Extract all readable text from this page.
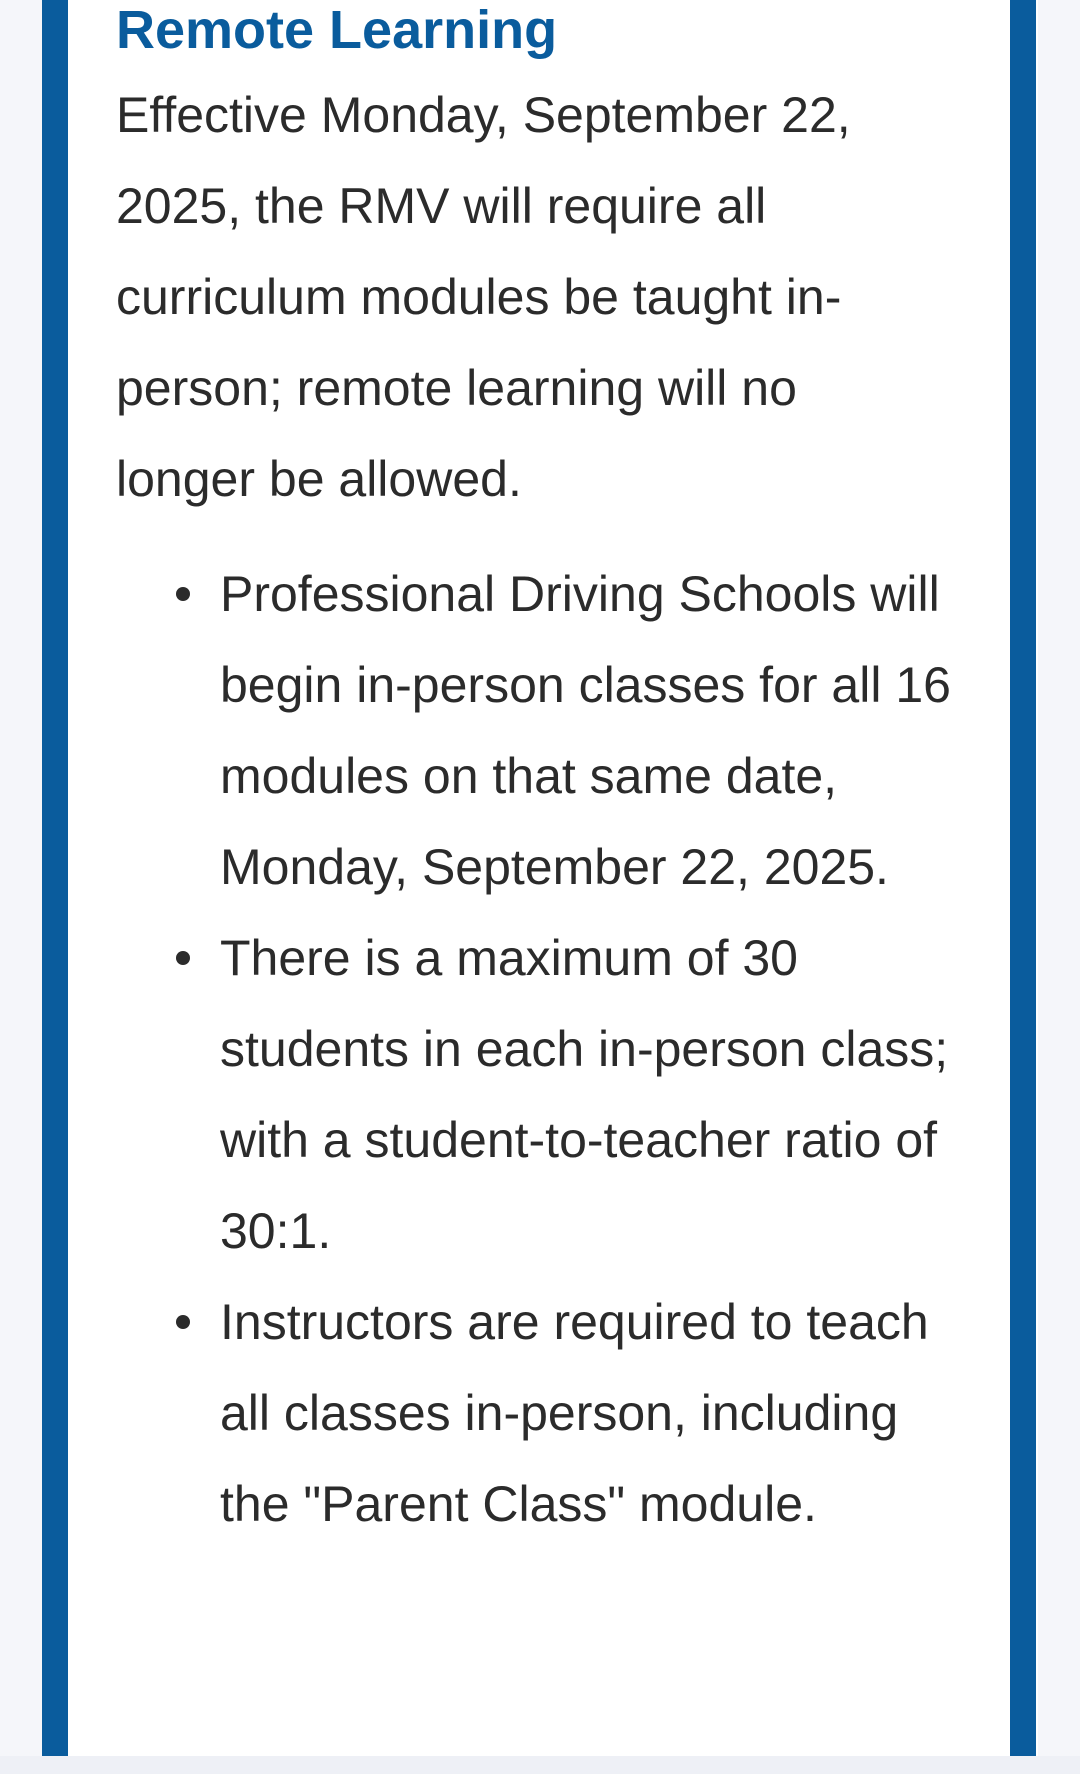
Remote Learning

Effective Monday, September 22, 2025, the RMV will require all curriculum modules be taught in-person; remote learning will no longer be allowed.

Professional Driving Schools will begin in-person classes for all 16 modules on that same date, Monday, September 22, 2025.
There is a maximum of 30 students in each in-person class; with a student-to-teacher ratio of 30:1.
Instructors are required to teach all classes in-person, including the "Parent Class" module.
